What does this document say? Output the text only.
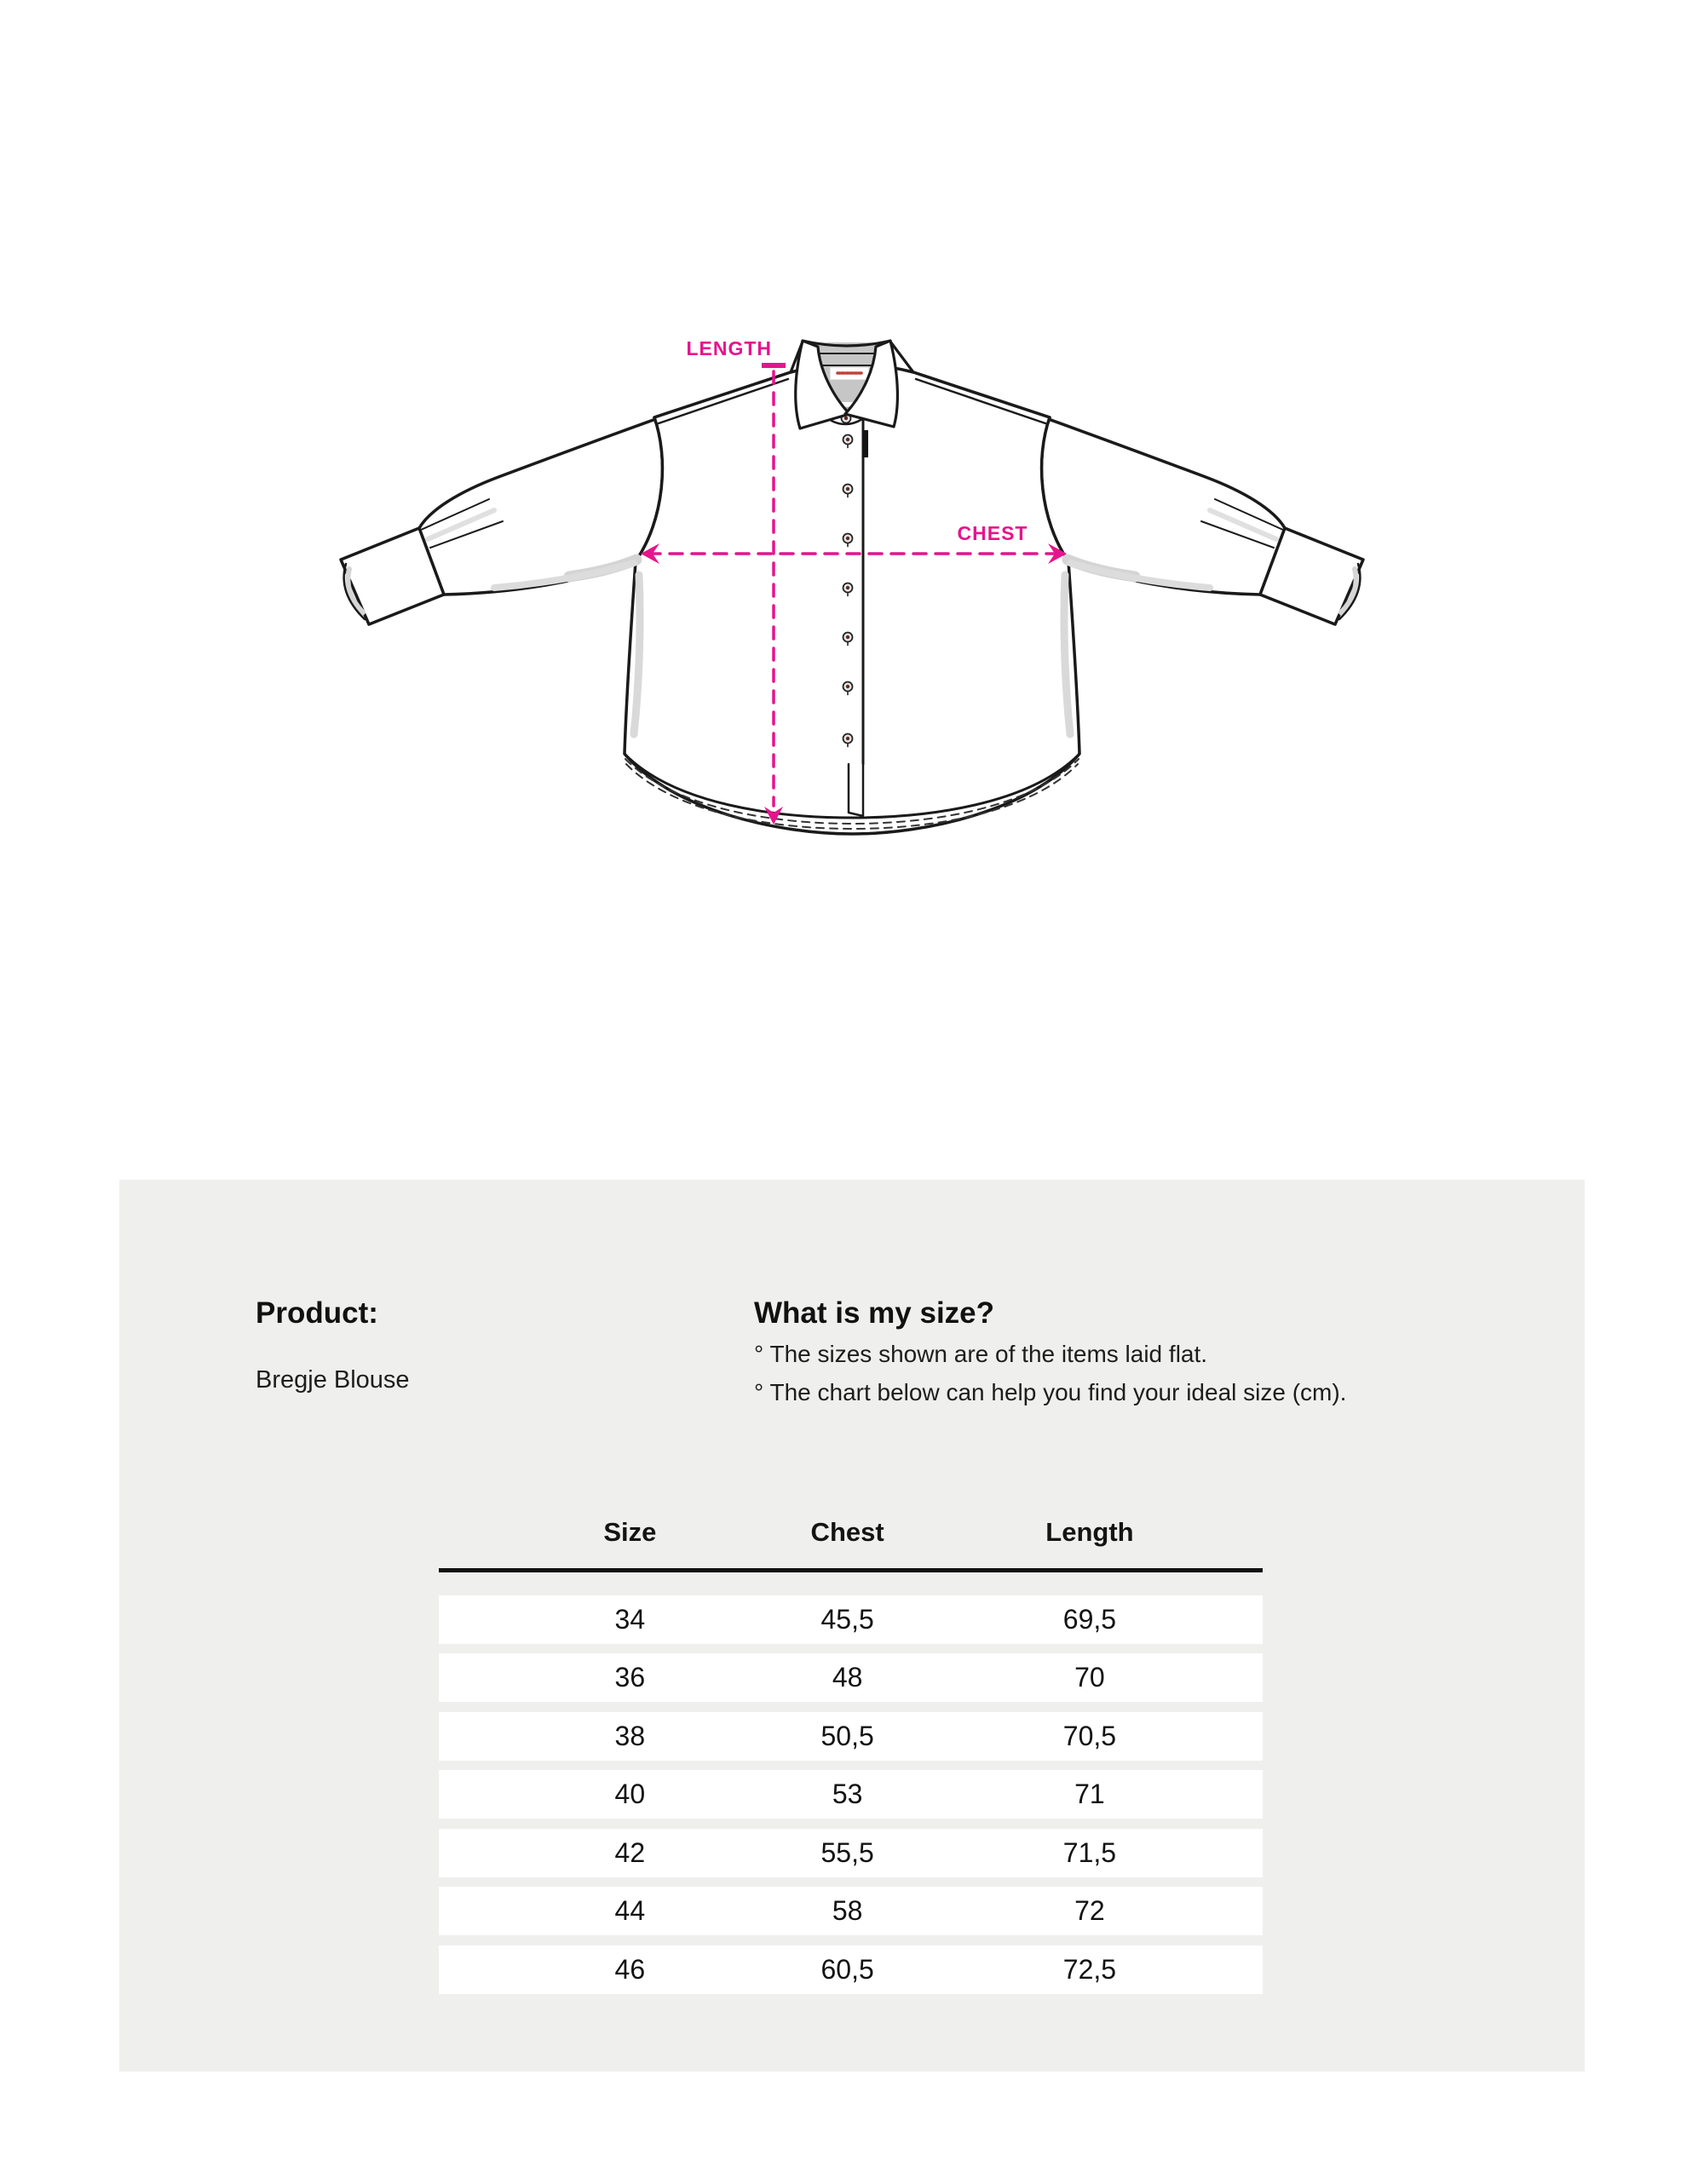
LENGTH
CHEST
Product:

Bregje Blouse

What is my size?
° The sizes shown are of the items laid flat.
° The chart below can help you find your ideal size (cm).
Size	Chest	Length
34	45,5	69,5
36	48	70
38	50,5	70,5
40	53	71
42	55,5	71,5
44	58	72
46	60,5	72,5
